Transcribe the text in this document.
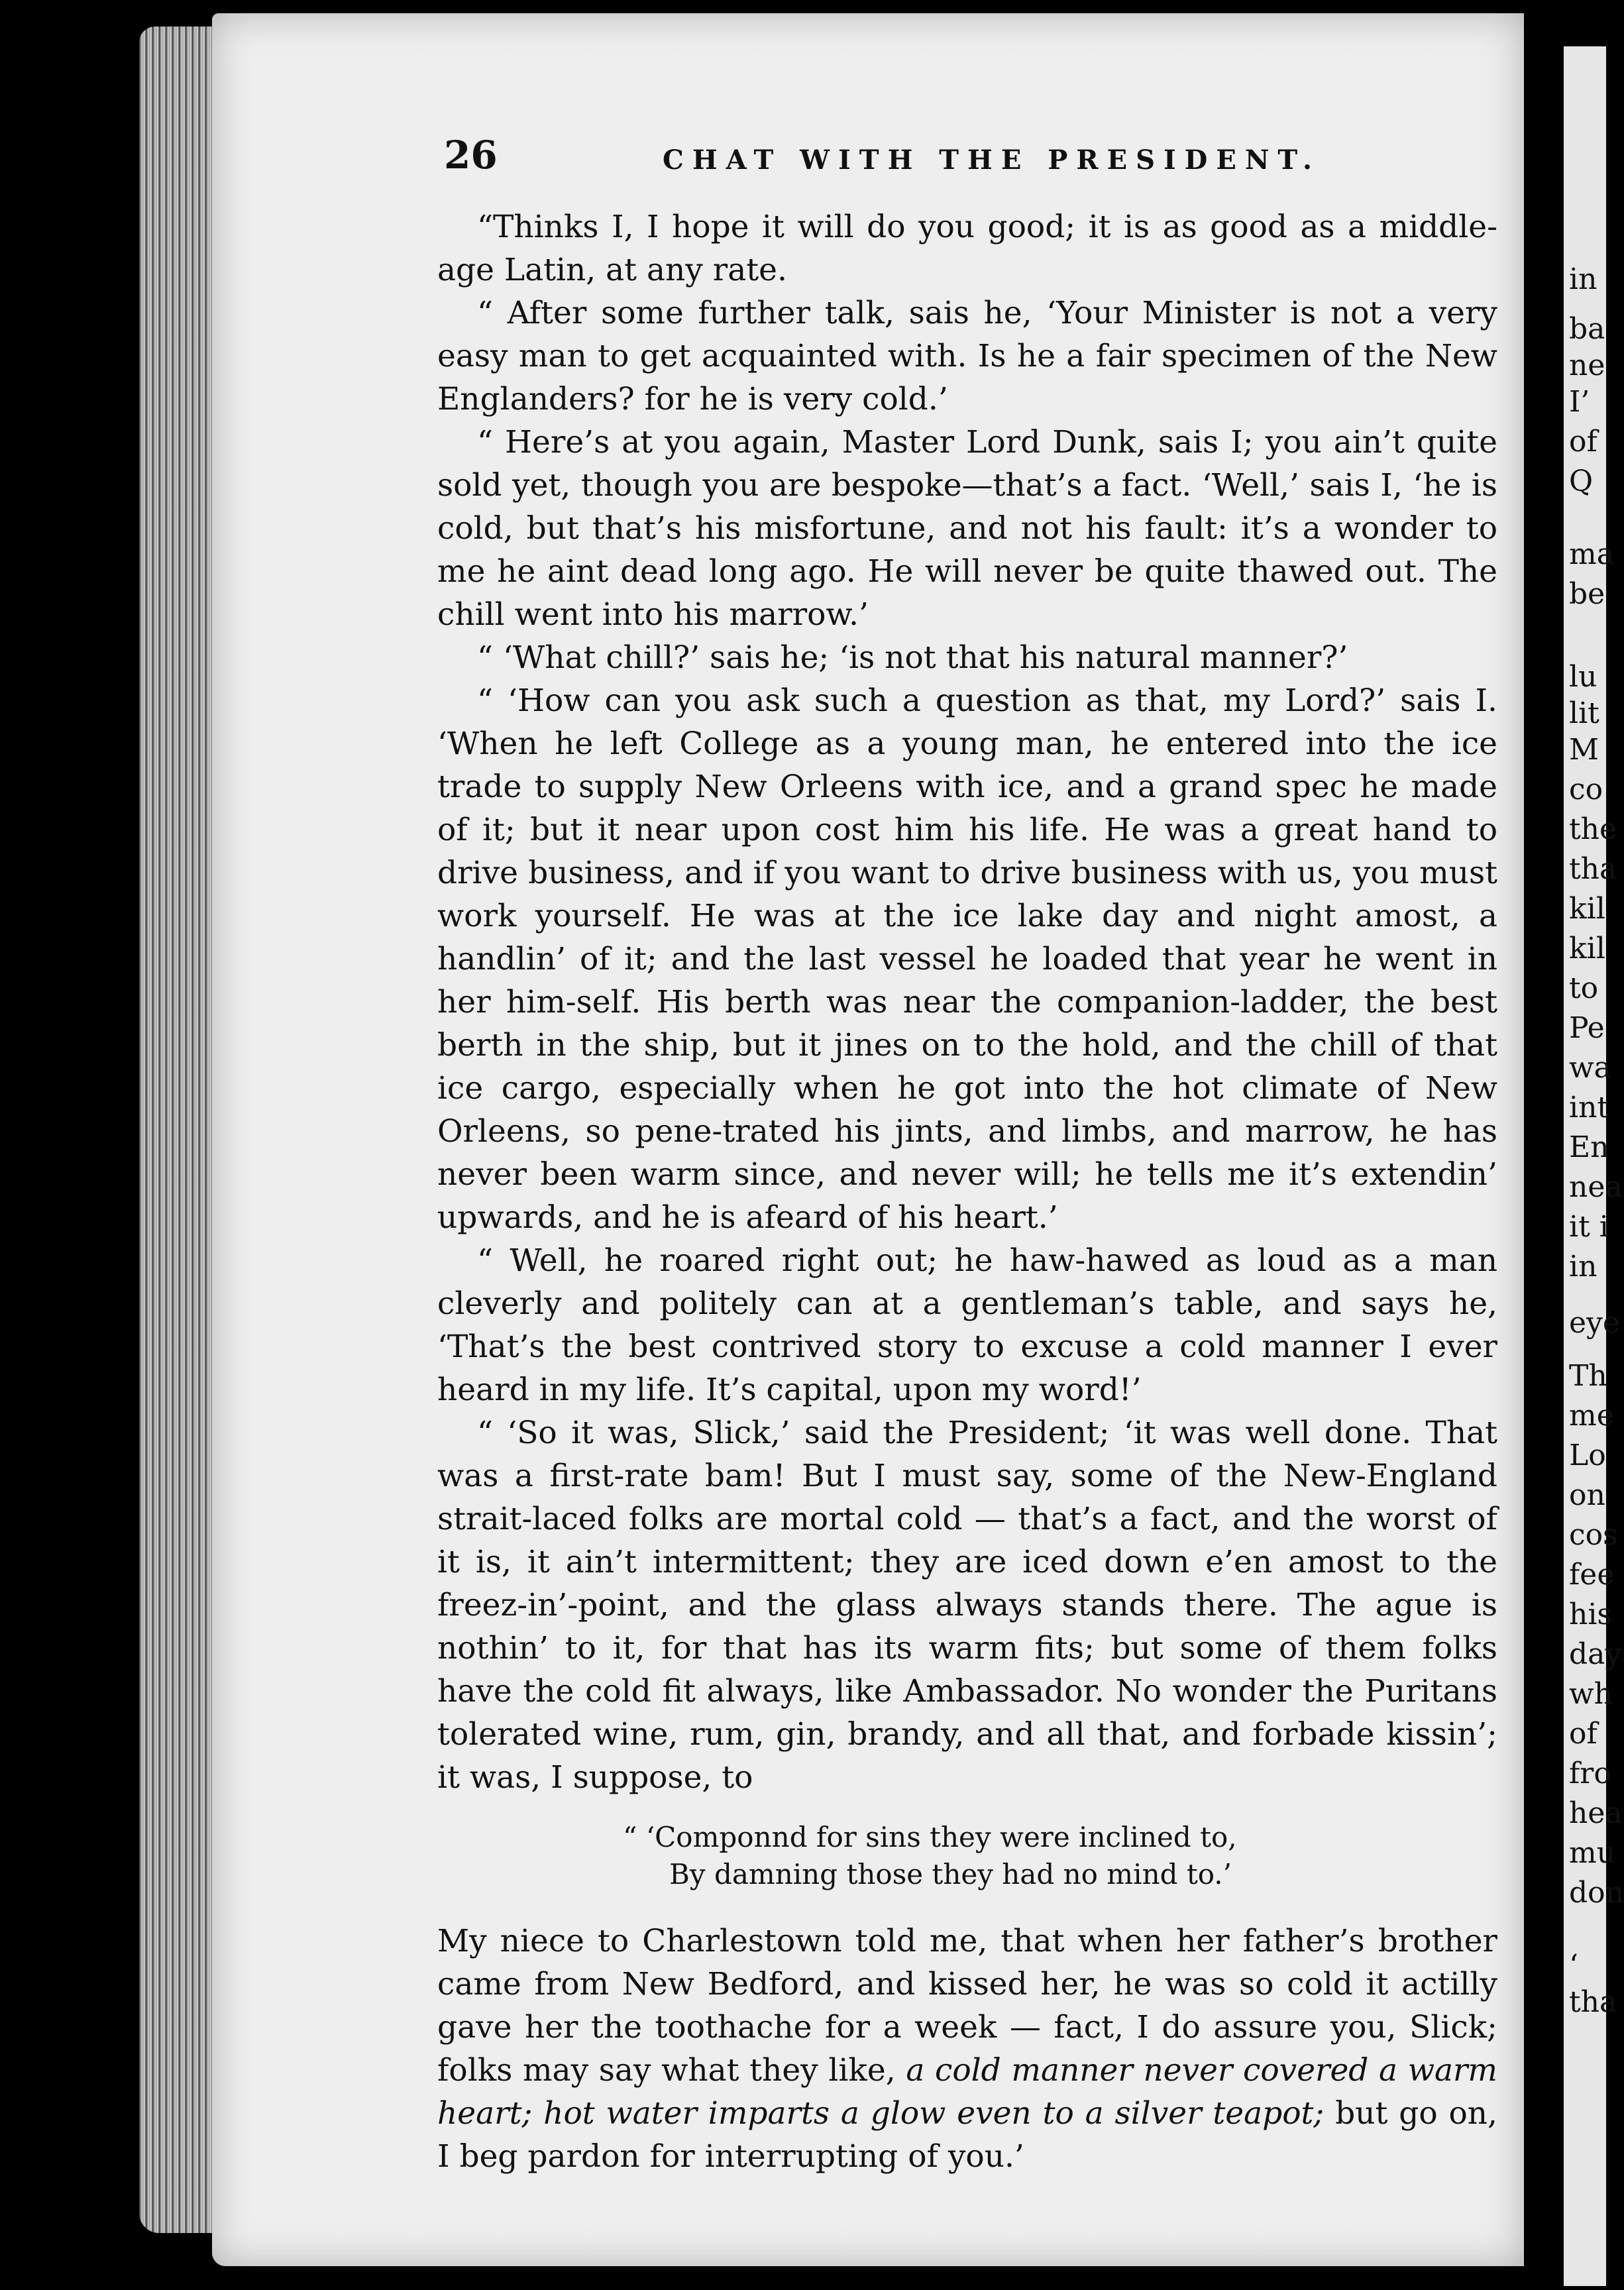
26	CHAT WITH THE PRESIDENT.

“Thinks I, I hope it will do you good; it is as good as a middle-age Latin, at any rate.

“ After some further talk, sais he, ‘Your Minister is not a very easy man to get acquainted with. Is he a fair specimen of the New Englanders? for he is very cold.’

“ Here’s at you again, Master Lord Dunk, sais I; you ain’t quite sold yet, though you are bespoke—that’s a fact. ‘Well,’ sais I, ‘he is cold, but that’s his misfortune, and not his fault: it’s a wonder to me he aint dead long ago. He will never be quite thawed out. The chill went into his marrow.’

“ ‘What chill?’ sais he; ‘is not that his natural manner?’

“ ‘How can you ask such a question as that, my Lord?’ sais I. ‘When he left College as a young man, he entered into the ice trade to supply New Orleens with ice, and a grand spec he made of it; but it near upon cost him his life. He was a great hand to drive business, and if you want to drive business with us, you must work yourself. He was at the ice lake day and night amost, a handlin’ of it; and the last vessel he loaded that year he went in her him-self. His berth was near the companion-ladder, the best berth in the ship, but it jines on to the hold, and the chill of that ice cargo, especially when he got into the hot climate of New Orleens, so pene-trated his jints, and limbs, and marrow, he has never been warm since, and never will; he tells me it’s extendin’ upwards, and he is afeard of his heart.’

“ Well, he roared right out; he haw-hawed as loud as a man cleverly and politely can at a gentleman’s table, and says he, ‘That’s the best contrived story to excuse a cold manner I ever heard in my life. It’s capital, upon my word!’

“ ‘So it was, Slick,’ said the President; ‘it was well done. That was a first-rate bam! But I must say, some of the New-England strait-laced folks are mortal cold — that’s a fact, and the worst of it is, it ain’t intermittent; they are iced down e’en amost to the freez-in’-point, and the glass always stands there. The ague is nothin’ to it, for that has its warm fits; but some of them folks have the cold fit always, like Ambassador. No wonder the Puritans tolerated wine, rum, gin, brandy, and all that, and forbade kissin’; it was, I suppose, to

“ ‘Componnd for sins they were inclined to,
By damning those they had no mind to.’

My niece to Charlestown told me, that when her father’s brother came from New Bedford, and kissed her, he was so cold it actilly gave her the toothache for a week — fact, I do assure you, Slick; folks may say what they like, a cold manner never covered a warm heart; hot water imparts a glow even to a silver teapot; but go on, I beg pardon for interrupting of you.’

in
ba
ne
I’
of
Q
ma
be
lu
lit
M
co
the
tha
kil
kil
to
Pe
wa
int
En
nea
it i
in
eye
Th
me
Lo
on
cos
fee
his
day
wh
of
fro
hea
mu
don
‘
tha
